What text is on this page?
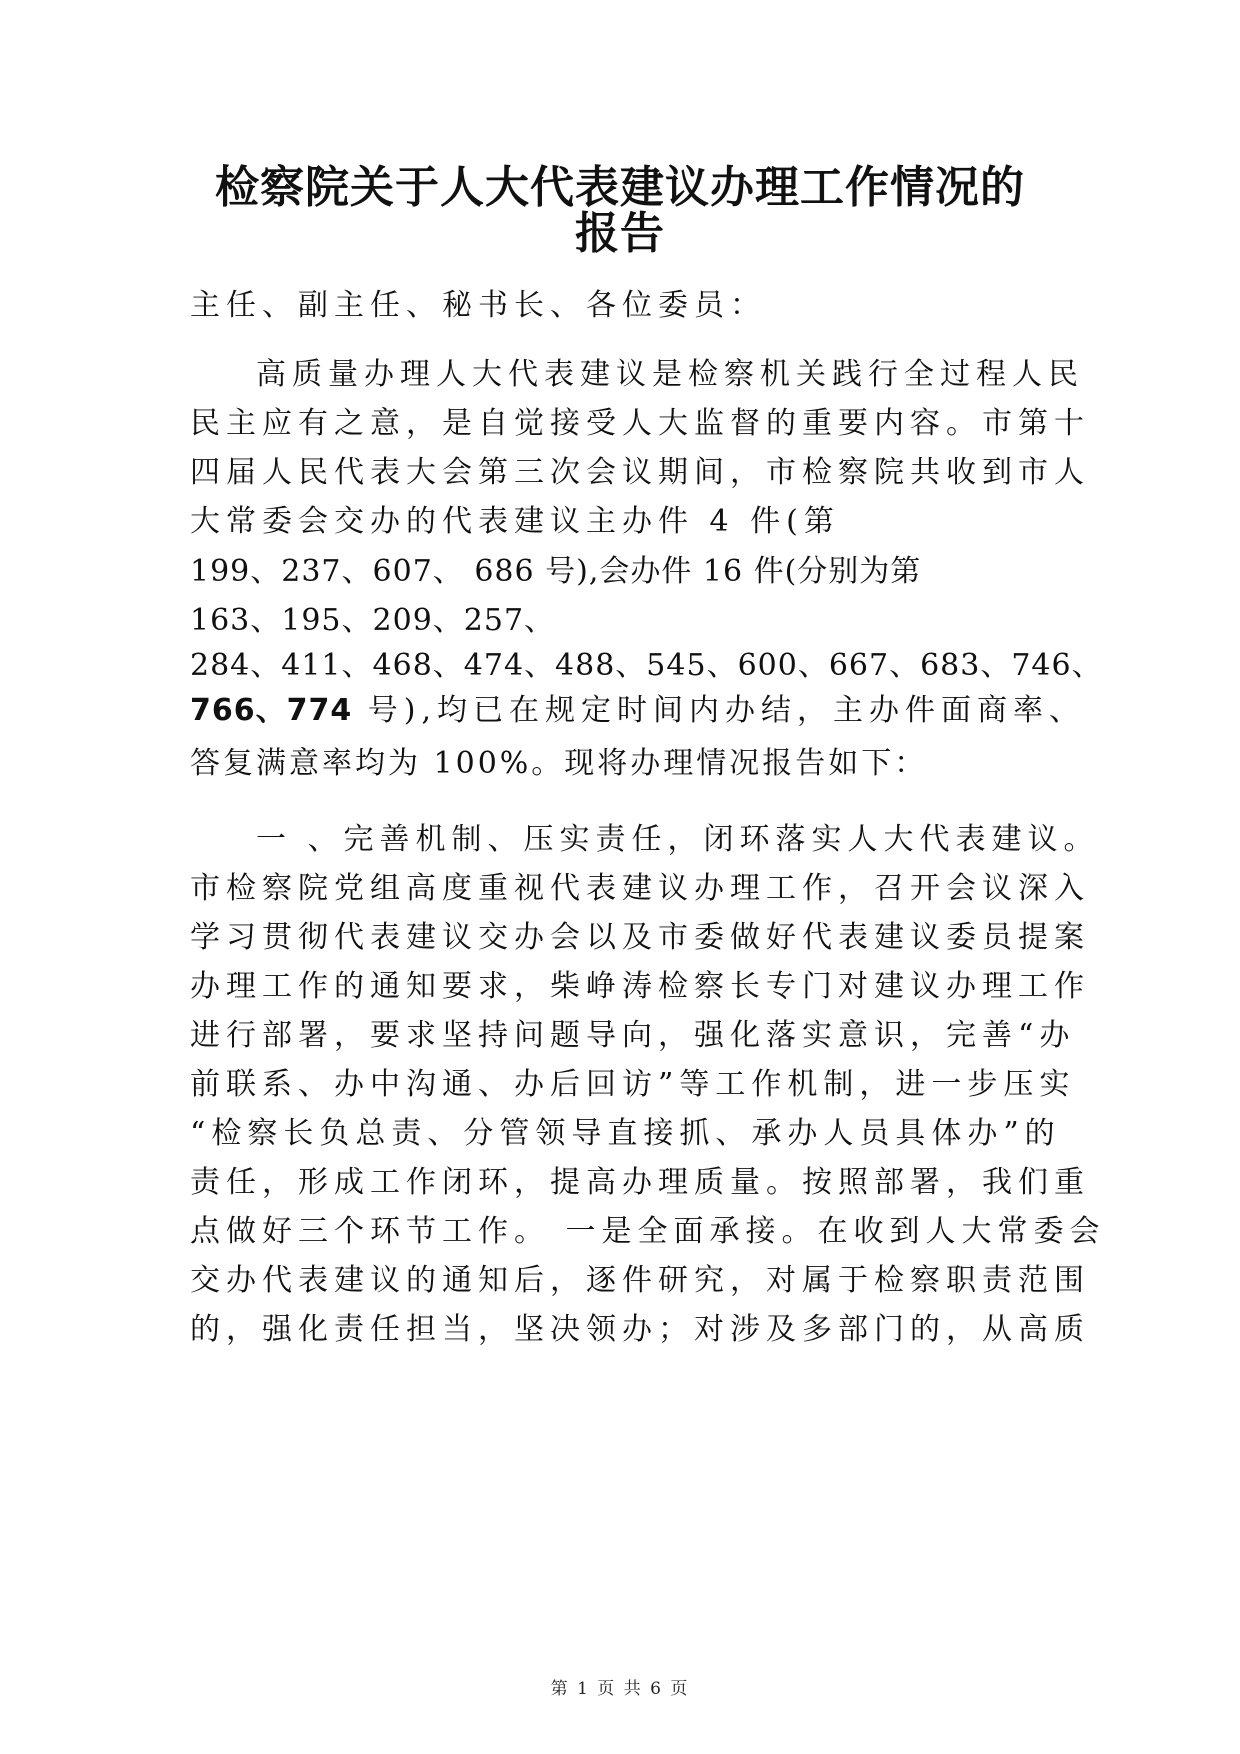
检察院关于人大代表建议办理工作情况的
报告
主任、副主任、秘书长、各位委员：
高质量办理人大代表建议是检察机关践行全过程人民
民主应有之意，是自觉接受人大监督的重要内容。市第十
四届人民代表大会第三次会议期间，市检察院共收到市人
大常委会交办的代表建议主办件 4 件(第
199、237、607、 686 号),会办件 16 件(分别为第
163、195、209、257、
284、411、468、474、488、545、600、667、683、746、
766、774 号),均已在规定时间内办结，主办件面商率、
答复满意率均为 100%。现将办理情况报告如下：
一 、完善机制、压实责任，闭环落实人大代表建议。
市检察院党组高度重视代表建议办理工作，召开会议深入
学习贯彻代表建议交办会以及市委做好代表建议委员提案
办理工作的通知要求，柴峥涛检察长专门对建议办理工作
进行部署，要求坚持问题导向，强化落实意识，完善“办
前联系、办中沟通、办后回访”等工作机制，进一步压实
“检察长负总责、分管领导直接抓、承办人员具体办”的
责任，形成工作闭环，提高办理质量。按照部署，我们重
点做好三个环节工作。 一是全面承接。在收到人大常委会
交办代表建议的通知后，逐件研究，对属于检察职责范围
的，强化责任担当，坚决领办；对涉及多部门的，从高质
第 1 页 共 6 页
